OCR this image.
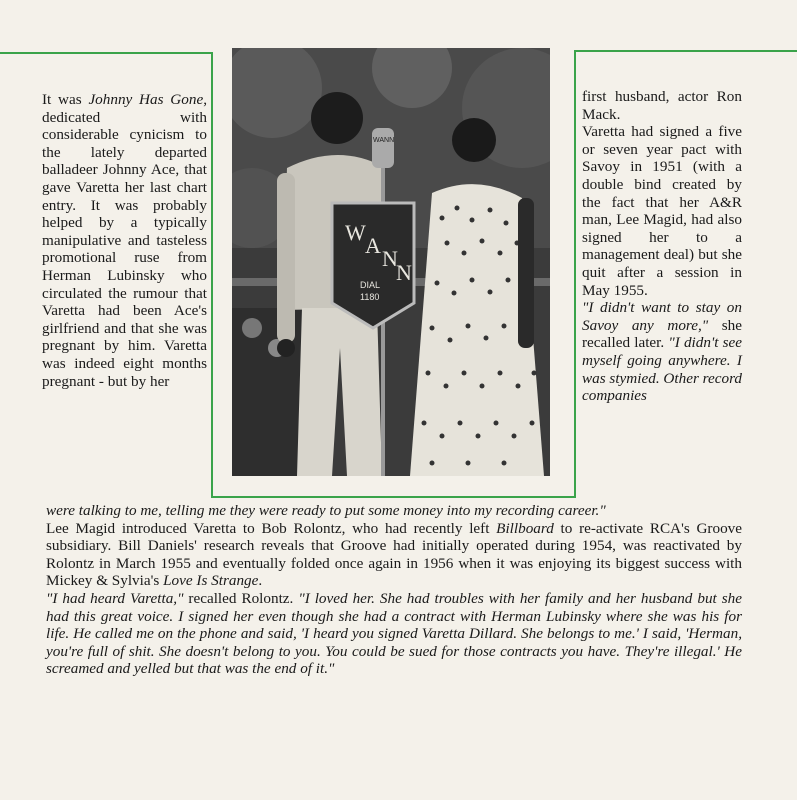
W
A
N
N
DIAL
1180
WANN

It was Johnny Has Gone, dedicated with considerable cynicism to the lately departed balladeer Johnny Ace, that gave Varetta her last chart entry. It was probably helped by a typically manipulative and tasteless promotional ruse from Herman Lubinsky who circulated the rumour that Varetta had been Ace's girlfriend and that she was pregnant by him. Varetta was indeed eight months pregnant - but by her

first husband, actor Ron Mack.

Varetta had signed a five or seven year pact with Savoy in 1951 (with a double bind created by the fact that her A&R man, Lee Magid, had also signed her to a management deal) but she quit after a session in May 1955.

"I didn't want to stay on Savoy any more," she recalled later. "I didn't see myself going anywhere. I was stymied. Other record companies

were talking to me, telling me they were ready to put some money into my recording career."

Lee Magid introduced Varetta to Bob Rolontz, who had recently left Billboard to re-activate RCA's Groove subsidiary. Bill Daniels' research reveals that Groove had initially operated during 1954, was reactivated by Rolontz in March 1955 and eventually folded once again in 1956 when it was enjoying its biggest success with Mickey & Sylvia's Love Is Strange.

"I had heard Varetta," recalled Rolontz. "I loved her. She had troubles with her family and her husband but she had this great voice. I signed her even though she had a contract with Herman Lubinsky where she was his for life. He called me on the phone and said, 'I heard you signed Varetta Dillard. She belongs to me.' I said, 'Herman, you're full of shit. She doesn't belong to you. You could be sued for those contracts you have. They're illegal.' He screamed and yelled but that was the end of it."
